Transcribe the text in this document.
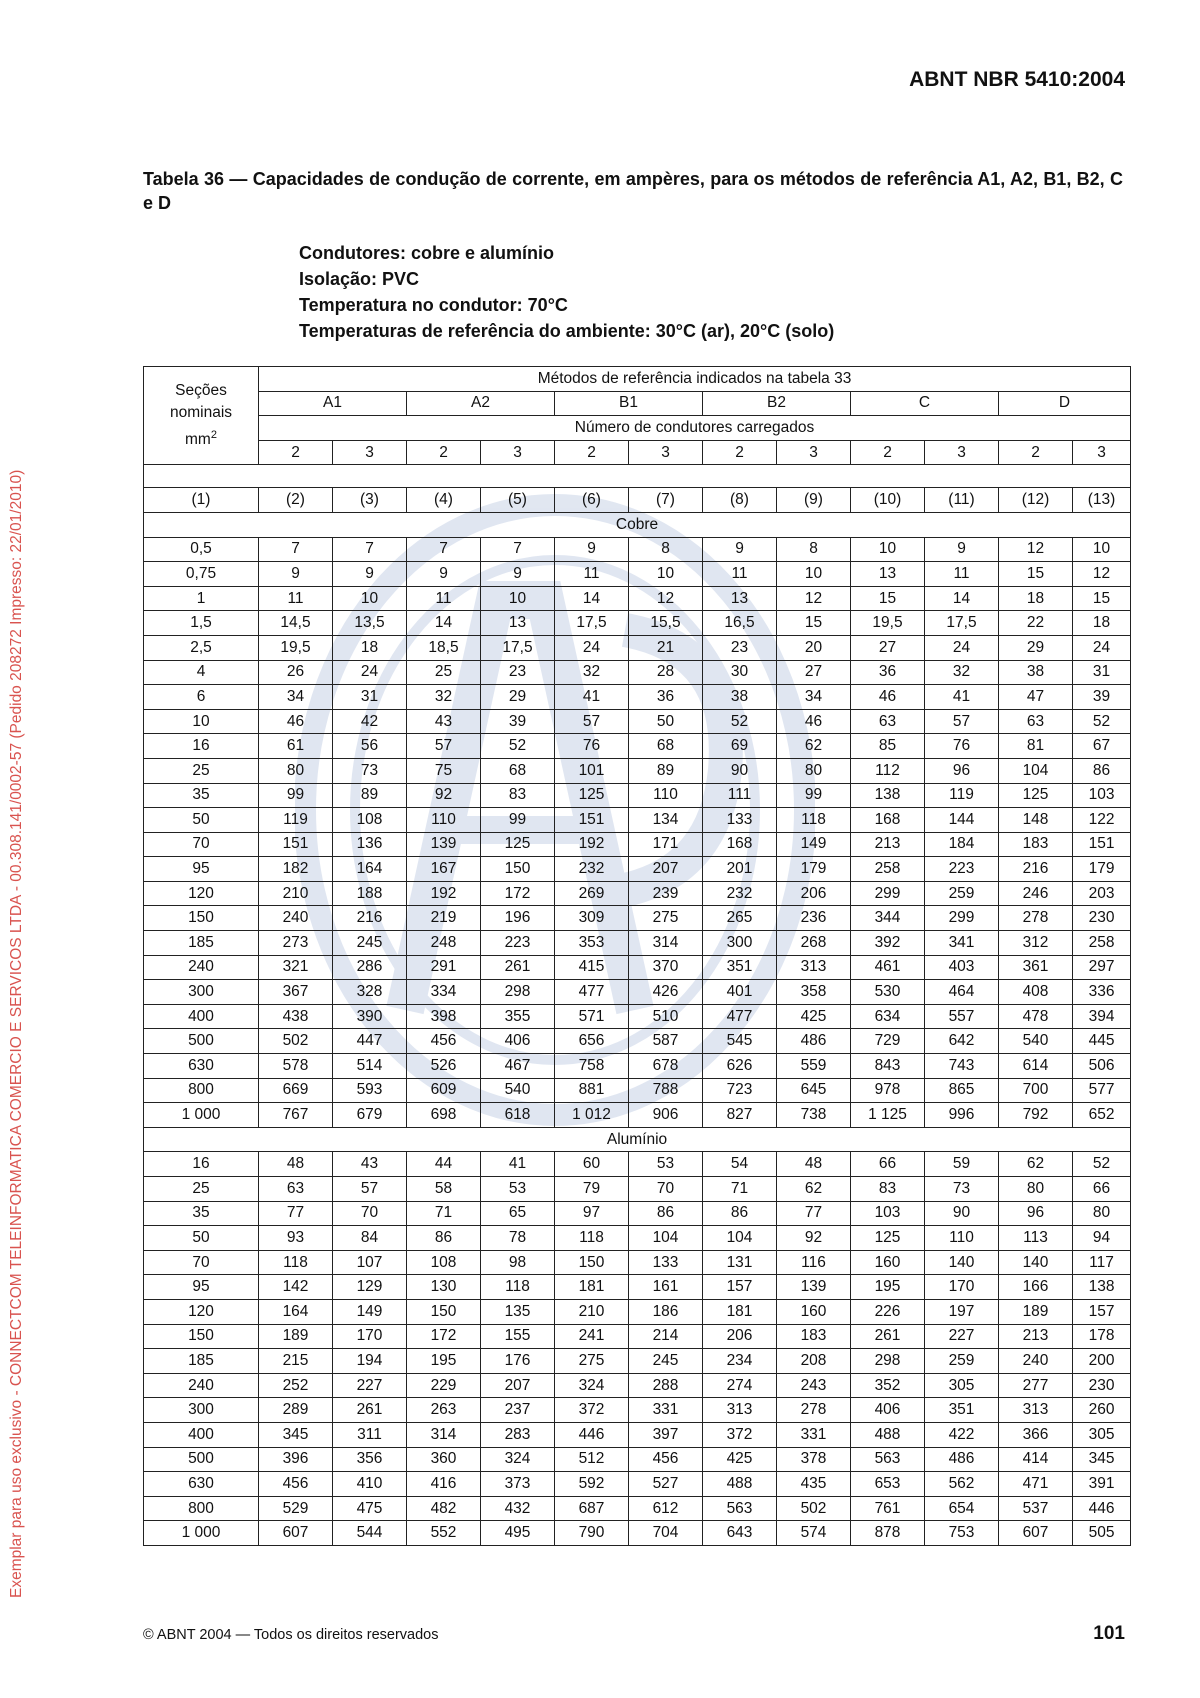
Exemplar para uso exclusivo - CONNECTCOM TELEINFORMATICA COMERCIO E SERVICOS LTDA - 00.308.141/0002-57 (Pedido 208272 Impresso: 22/01/2010)
ABNT NBR 5410:2004
Tabela 36 — Capacidades de condução de corrente, em ampères, para os métodos de referência A1, A2, B1, B2, C e D
Condutores: cobre e alumínio
Isolação: PVC
Temperatura no condutor: 70°C
Temperaturas de referência do ambiente: 30°C (ar), 20°C (solo)
Seções
nominais
$mm^2$	Métodos de referência indicados na tabela 33											
	A1		A2		B1		B2		C		D	
	Número de condutores carregados											
	2	3	2	3	2	3	2	3	2	3	2	3

(1)	(2)	(3)	(4)	(5)	(6)	(7)	(8)	(9)	(10)	(11)	(12)	(13)
Cobre												
0,5	7	7	7	7	9	8	9	8	10	9	12	10
0,75	9	9	9	9	11	10	11	10	13	11	15	12
1	11	10	11	10	14	12	13	12	15	14	18	15
1,5	14,5	13,5	14	13	17,5	15,5	16,5	15	19,5	17,5	22	18
2,5	19,5	18	18,5	17,5	24	21	23	20	27	24	29	24
4	26	24	25	23	32	28	30	27	36	32	38	31
6	34	31	32	29	41	36	38	34	46	41	47	39
10	46	42	43	39	57	50	52	46	63	57	63	52
16	61	56	57	52	76	68	69	62	85	76	81	67
25	80	73	75	68	101	89	90	80	112	96	104	86
35	99	89	92	83	125	110	111	99	138	119	125	103
50	119	108	110	99	151	134	133	118	168	144	148	122
70	151	136	139	125	192	171	168	149	213	184	183	151
95	182	164	167	150	232	207	201	179	258	223	216	179
120	210	188	192	172	269	239	232	206	299	259	246	203
150	240	216	219	196	309	275	265	236	344	299	278	230
185	273	245	248	223	353	314	300	268	392	341	312	258
240	321	286	291	261	415	370	351	313	461	403	361	297
300	367	328	334	298	477	426	401	358	530	464	408	336
400	438	390	398	355	571	510	477	425	634	557	478	394
500	502	447	456	406	656	587	545	486	729	642	540	445
630	578	514	526	467	758	678	626	559	843	743	614	506
800	669	593	609	540	881	788	723	645	978	865	700	577
1 000	767	679	698	618	1 012	906	827	738	1 125	996	792	652
Alumínio												
16	48	43	44	41	60	53	54	48	66	59	62	52
25	63	57	58	53	79	70	71	62	83	73	80	66
35	77	70	71	65	97	86	86	77	103	90	96	80
50	93	84	86	78	118	104	104	92	125	110	113	94
70	118	107	108	98	150	133	131	116	160	140	140	117
95	142	129	130	118	181	161	157	139	195	170	166	138
120	164	149	150	135	210	186	181	160	226	197	189	157
150	189	170	172	155	241	214	206	183	261	227	213	178
185	215	194	195	176	275	245	234	208	298	259	240	200
240	252	227	229	207	324	288	274	243	352	305	277	230
300	289	261	263	237	372	331	313	278	406	351	313	260
400	345	311	314	283	446	397	372	331	488	422	366	305
500	396	356	360	324	512	456	425	378	563	486	414	345
630	456	410	416	373	592	527	488	435	653	562	471	391
800	529	475	482	432	687	612	563	502	761	654	537	446
1 000	607	544	552	495	790	704	643	574	878	753	607	505
© ABNT 2004 — Todos os direitos reservados	101
